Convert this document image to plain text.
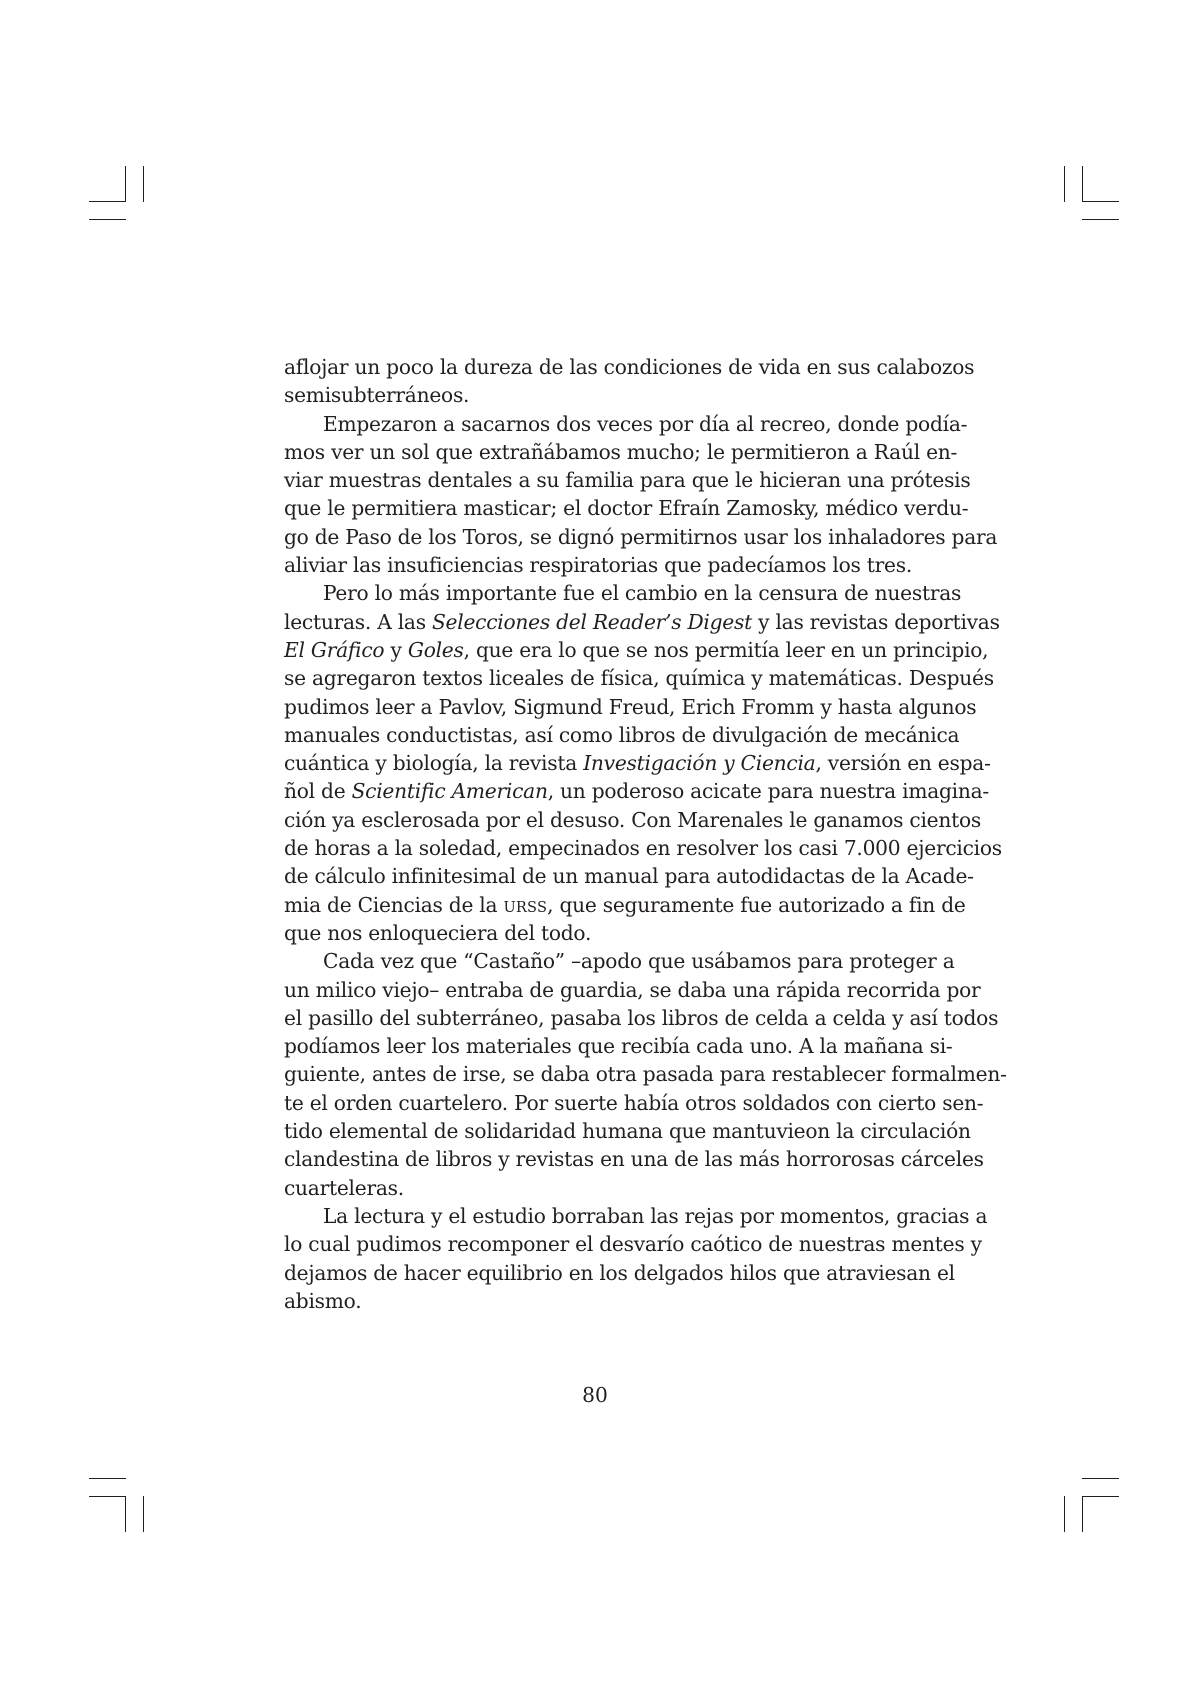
aflojar un poco la dureza de las condiciones de vida en sus calabozos
semisubterráneos.
Empezaron a sacarnos dos veces por día al recreo, donde podía-
mos ver un sol que extrañábamos mucho; le permitieron a Raúl en-
viar muestras dentales a su familia para que le hicieran una prótesis
que le permitiera masticar; el doctor Efraín Zamosky, médico verdu-
go de Paso de los Toros, se dignó permitirnos usar los inhaladores para
aliviar las insuficiencias respiratorias que padecíamos los tres.
Pero lo más importante fue el cambio en la censura de nuestras
lecturas. A las Selecciones del Reader’s Digest y las revistas deportivas
El Gráfico y Goles, que era lo que se nos permitía leer en un principio,
se agregaron textos liceales de física, química y matemáticas. Después
pudimos leer a Pavlov, Sigmund Freud, Erich Fromm y hasta algunos
manuales conductistas, así como libros de divulgación de mecánica
cuántica y biología, la revista Investigación y Ciencia, versión en espa-
ñol de Scientific American, un poderoso acicate para nuestra imagina-
ción ya esclerosada por el desuso. Con Marenales le ganamos cientos
de horas a la soledad, empecinados en resolver los casi 7.000 ejercicios
de cálculo infinitesimal de un manual para autodidactas de la Acade-
mia de Ciencias de la URSS, que seguramente fue autorizado a fin de
que nos enloqueciera del todo.
Cada vez que “Castaño” –apodo que usábamos para proteger a
un milico viejo– entraba de guardia, se daba una rápida recorrida por
el pasillo del subterráneo, pasaba los libros de celda a celda y así todos
podíamos leer los materiales que recibía cada uno. A la mañana si-
guiente, antes de irse, se daba otra pasada para restablecer formalmen-
te el orden cuartelero. Por suerte había otros soldados con cierto sen-
tido elemental de solidaridad humana que mantuvieon la circulación
clandestina de libros y revistas en una de las más horrorosas cárceles
cuarteleras.
La lectura y el estudio borraban las rejas por momentos, gracias a
lo cual pudimos recomponer el desvarío caótico de nuestras mentes y
dejamos de hacer equilibrio en los delgados hilos que atraviesan el
abismo.
80
